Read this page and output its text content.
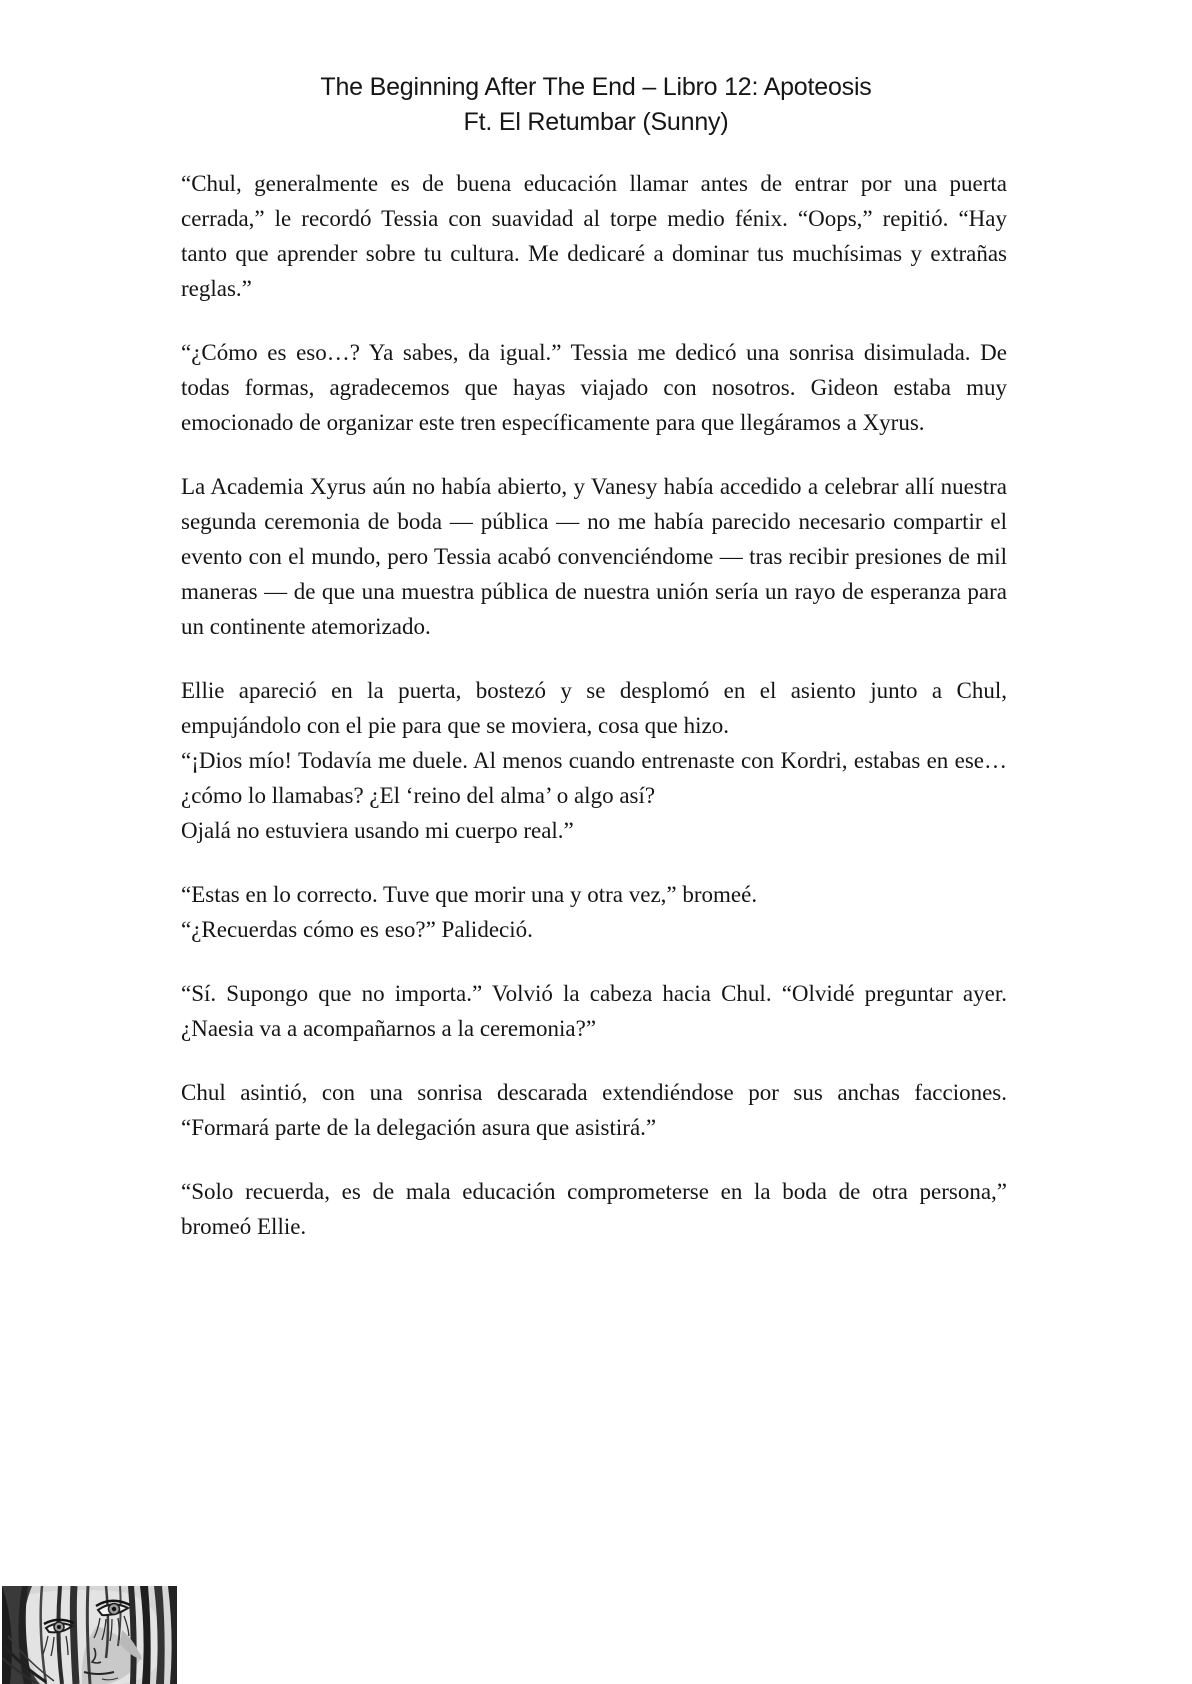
The Beginning After The End – Libro 12: Apoteosis
Ft. El Retumbar (Sunny)

“Chul, generalmente es de buena educación llamar antes de entrar por una puerta cerrada,” le recordó Tessia con suavidad al torpe medio fénix. “Oops,” repitió. “Hay tanto que aprender sobre tu cultura. Me dedicaré a dominar tus muchísimas y extrañas reglas.”

“¿Cómo es eso…? Ya sabes, da igual.” Tessia me dedicó una sonrisa disimulada. De todas formas, agradecemos que hayas viajado con nosotros. Gideon estaba muy emocionado de organizar este tren específicamente para que llegáramos a Xyrus.

La Academia Xyrus aún no había abierto, y Vanesy había accedido a celebrar allí nuestra segunda ceremonia de boda — pública — no me había parecido necesario compartir el evento con el mundo, pero Tessia acabó convenciéndome — tras recibir presiones de mil maneras — de que una muestra pública de nuestra unión sería un rayo de esperanza para un continente atemorizado.

Ellie apareció en la puerta, bostezó y se desplomó en el asiento junto a Chul, empujándolo con el pie para que se moviera, cosa que hizo.

“¡Dios mío! Todavía me duele. Al menos cuando entrenaste con Kordri, estabas en ese… ¿cómo lo llamabas? ¿El ‘reino del alma’ o algo así?

Ojalá no estuviera usando mi cuerpo real.”

“Estas en lo correcto. Tuve que morir una y otra vez,” bromeé.

“¿Recuerdas cómo es eso?” Palideció.

“Sí. Supongo que no importa.” Volvió la cabeza hacia Chul. “Olvidé preguntar ayer. ¿Naesia va a acompañarnos a la ceremonia?”

Chul asintió, con una sonrisa descarada extendiéndose por sus anchas facciones. “Formará parte de la delegación asura que asistirá.”

“Solo recuerda, es de mala educación comprometerse en la boda de otra persona,” bromeó Ellie.
